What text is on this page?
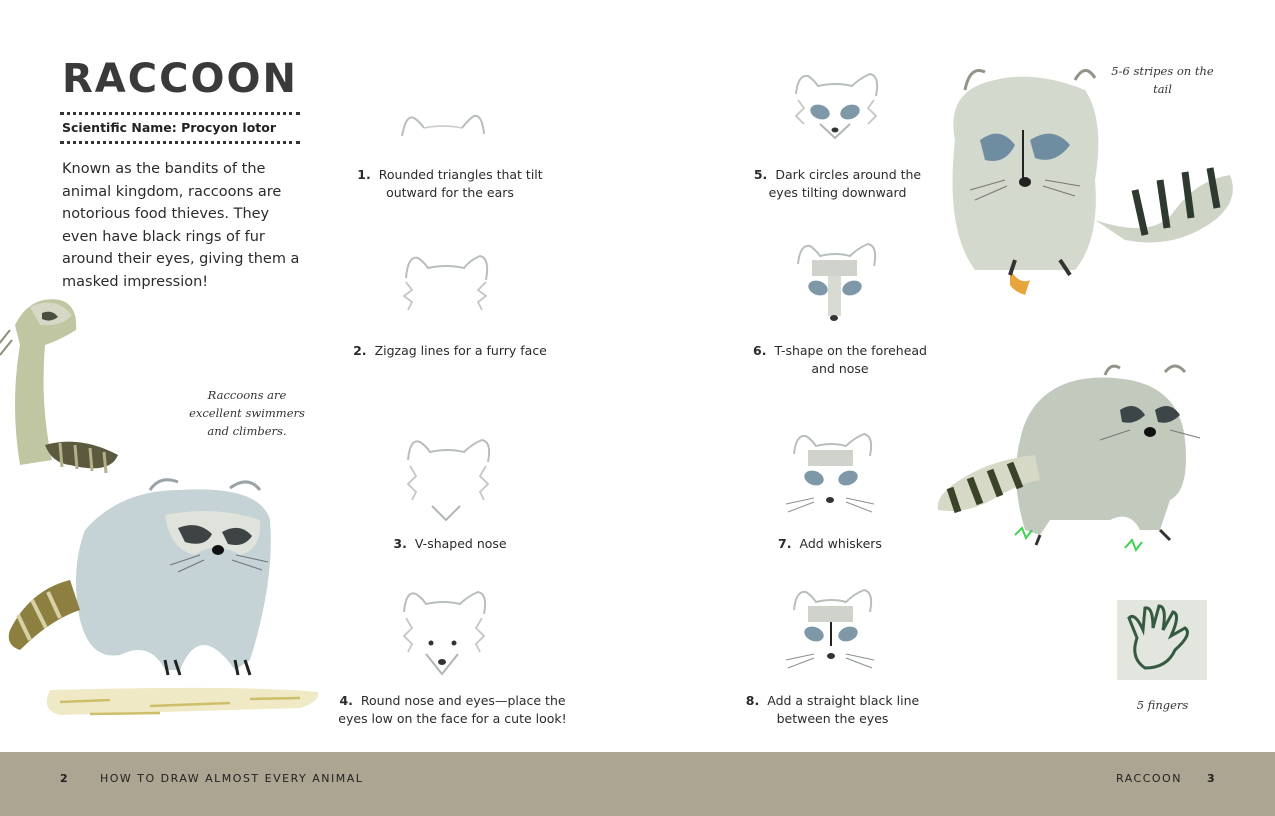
RACCOON
Scientific Name: Procyon lotor
Known as the bandits of the animal kingdom, raccoons are notorious food thieves. They even have black rings of fur around their eyes, giving them a masked impression!
Raccoons are excellent swimmers and climbers.
1. Rounded triangles that tilt outward for the ears
2. Zigzag lines for a furry face
3. V-shaped nose
4. Round nose and eyes—place the eyes low on the face for a cute look!
5. Dark circles around the eyes tilting downward
6. T-shape on the forehead and nose
7. Add whiskers
8. Add a straight black line between the eyes
5-6 stripes on the tail
5 fingers
2	HOW TO DRAW ALMOST EVERY ANIMAL	RACCOON 3
